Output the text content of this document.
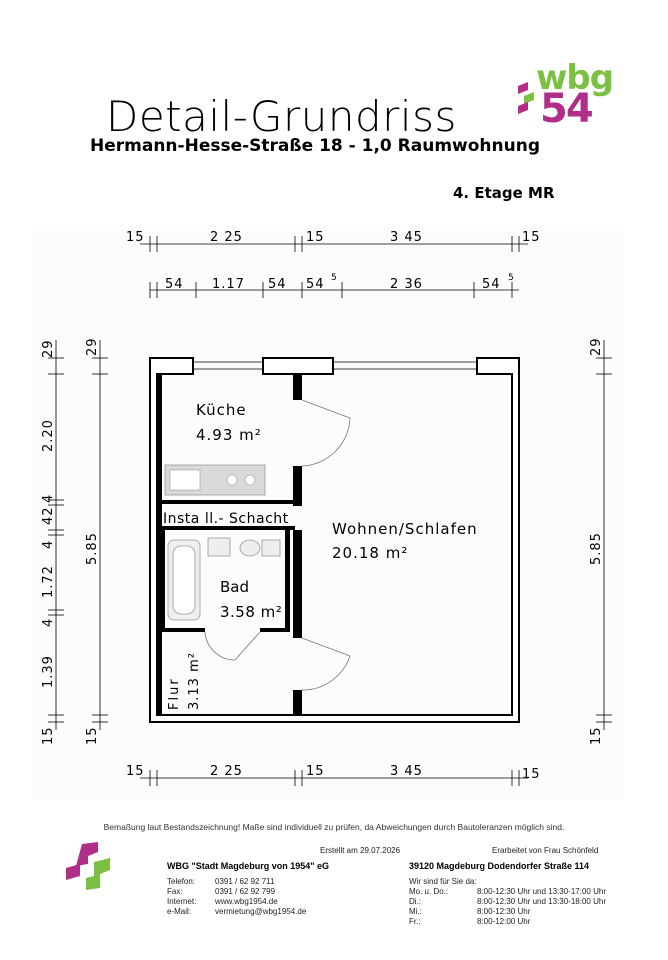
Detail-Grundriss
Hermann-Hesse-Straße 18 - 1,0 Raumwohnung
4. Etage MR
wbg
54
Küche
4.93 m²
Insta ll.- Schacht
Wohnen/Schlafen
20.18 m²
Bad
3.58 m²
Flur 3.13 m²
15	2 25	15	3 45	15
54 1.17 54 54 5	2 36	54 5
15	2 25	15	3 45	15
29
2.20
4
42
4
1.72
4
1.39
15
29
5.85
15
29
5.85
15
Bemaßung laut Bestandszeichnung! Maße sind individuell zu prüfen, da Abweichungen durch Bautoleranzen möglich sind.
Erstellt am 29.07.2026	Erarbeitet von Frau Schönfeld
WBG "Stadt Magdeburg von 1954" eG	39120 Magdeburg Dodendorfer Straße 114
Telefon:	0391 / 62 92 711
Fax:	0391 / 62 92 799
Internet:	www.wbg1954.de
e-Mail:	vermietung@wbg1954.de
Wir sind für Sie da:
Mo. u. Do.:	8:00-12:30 Uhr und 13:30-17:00 Uhr
Di.:	8:00-12:30 Uhr und 13:30-18:00 Uhr
Mi.:	8:00-12:30 Uhr
Fr.:	8:00-12:00 Uhr
